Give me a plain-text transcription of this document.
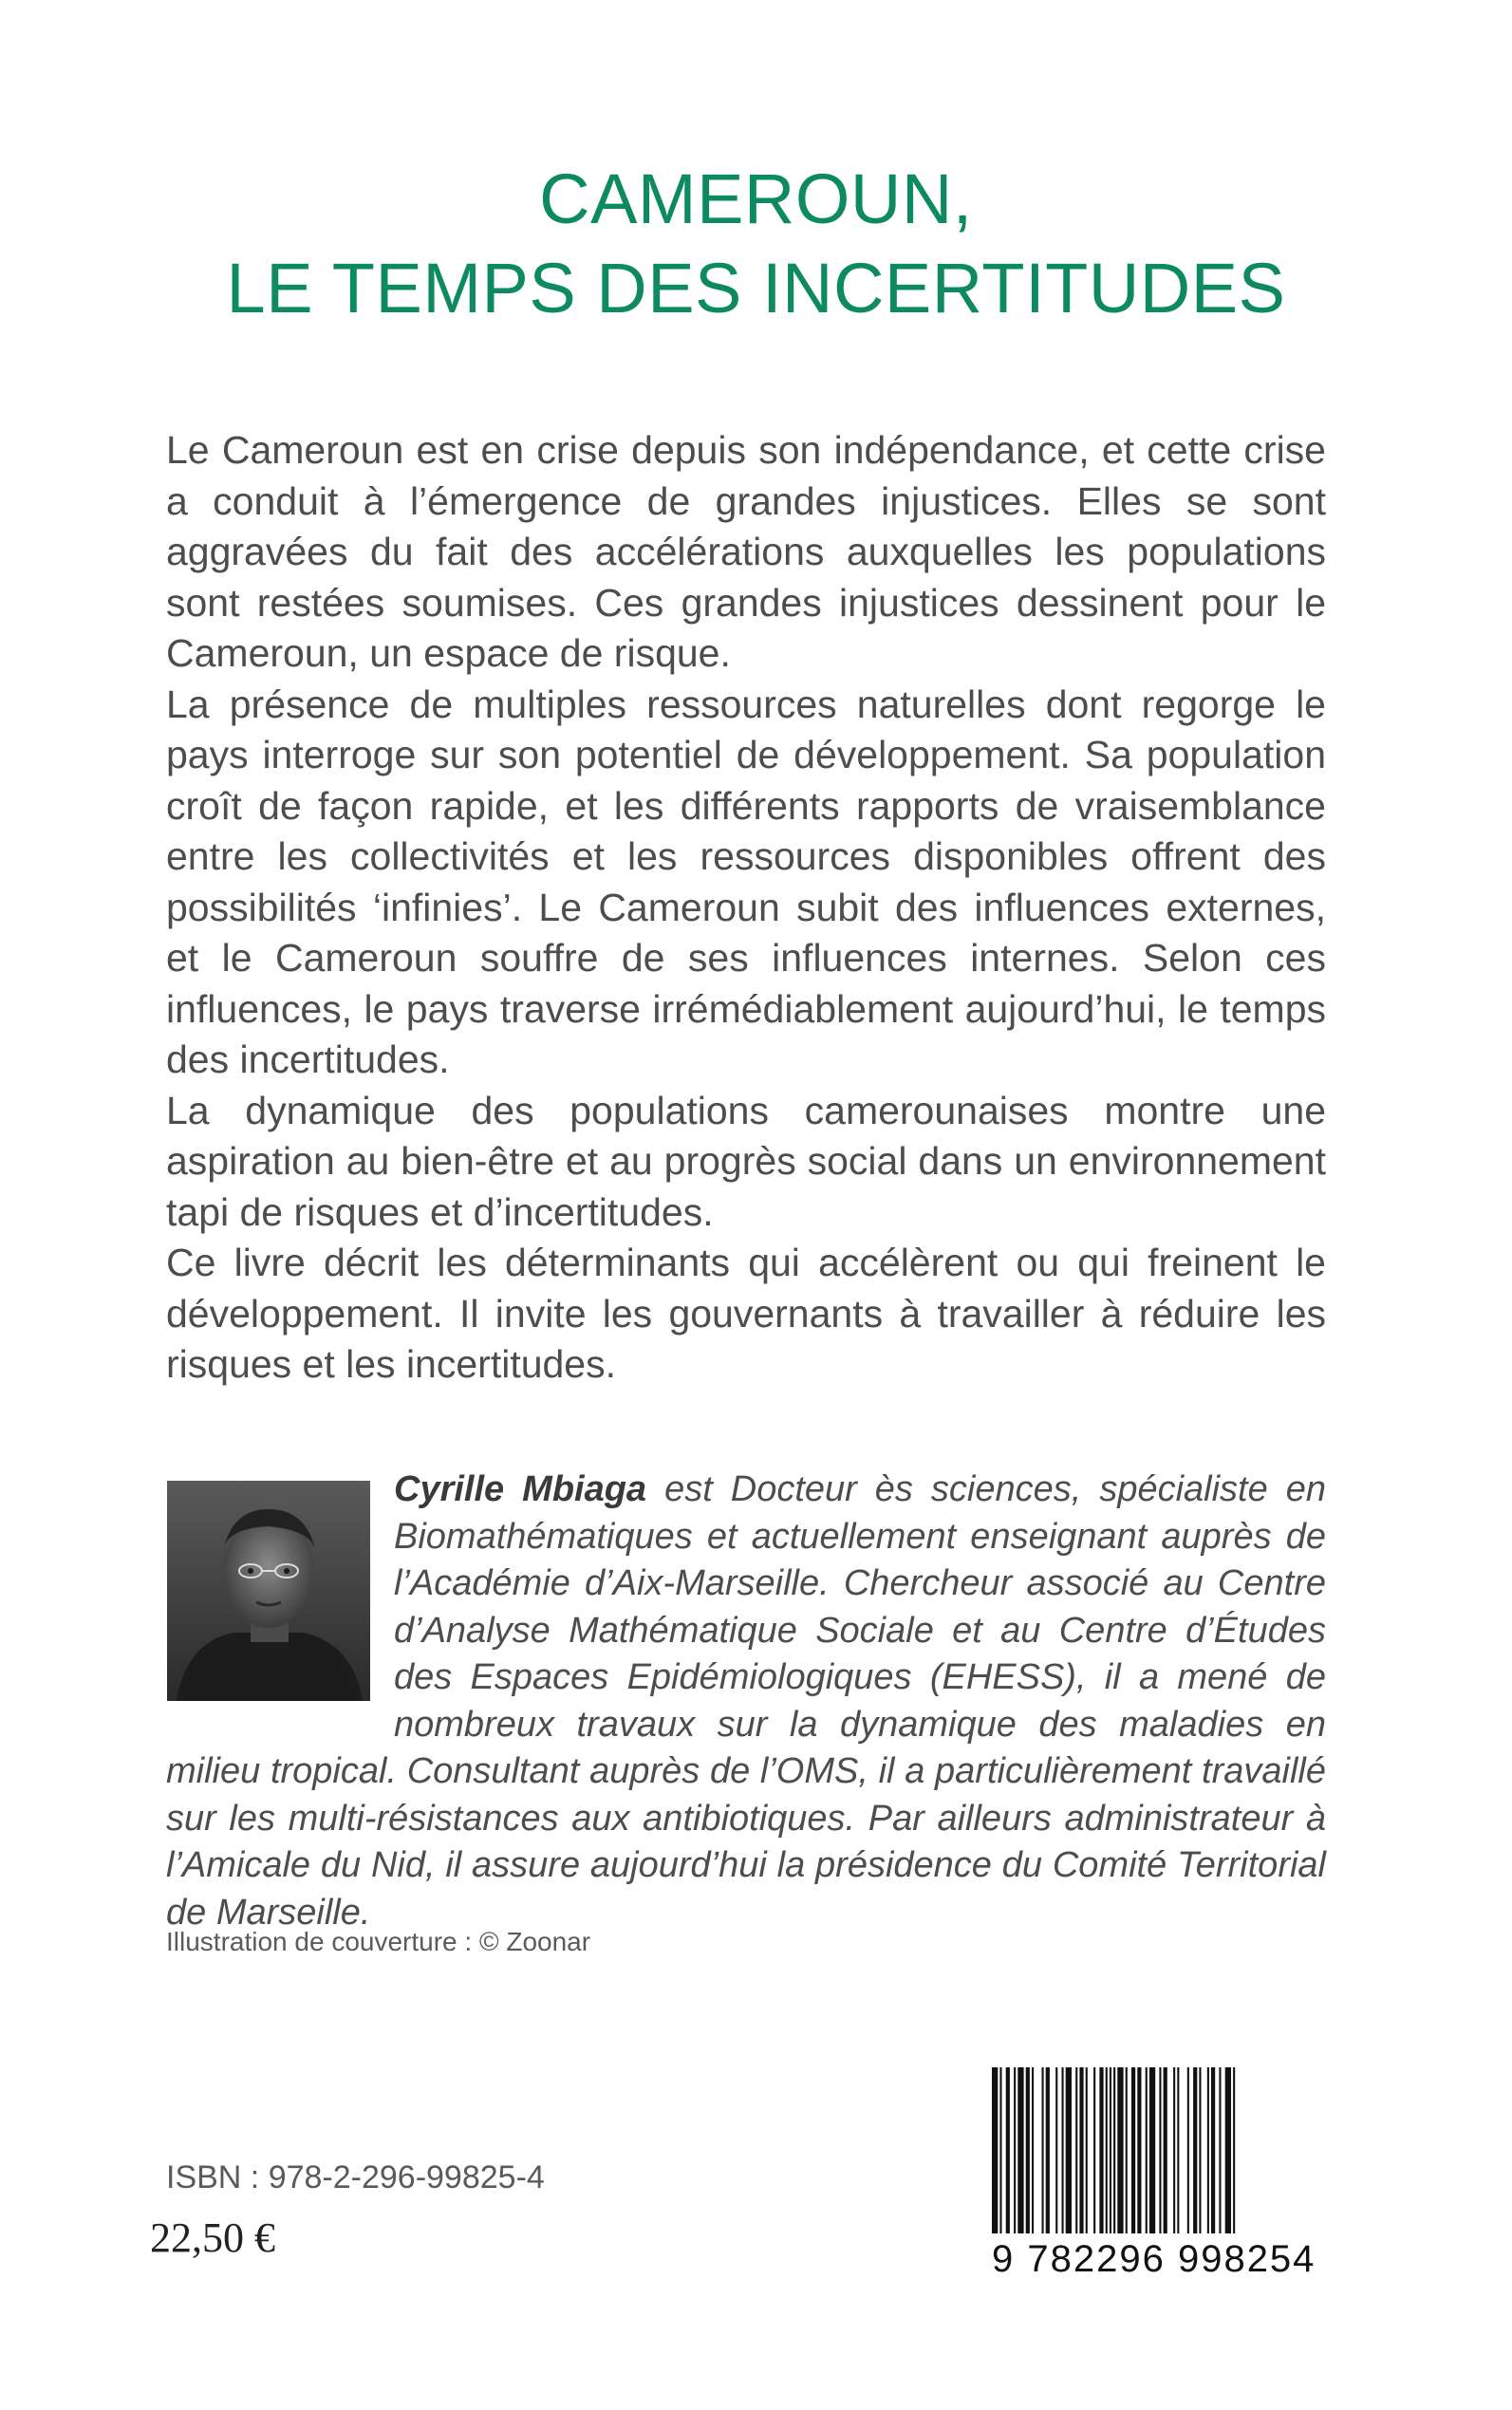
CAMEROUN,
LE TEMPS DES INCERTITUDES

Le Cameroun est en crise depuis son indépendance, et cette crise a conduit à l’émergence de grandes injustices. Elles se sont aggravées du fait des accélérations auxquelles les populations sont restées soumises. Ces grandes injustices dessinent pour le Cameroun, un espace de risque.

La présence de multiples ressources naturelles dont regorge le pays interroge sur son potentiel de développement. Sa population croît de façon rapide, et les différents rapports de vraisemblance entre les collectivités et les ressources disponibles offrent des possibilités ‘infinies’. Le Cameroun subit des influences externes, et le Cameroun souffre de ses influences internes. Selon ces influences, le pays traverse irrémédiablement aujourd’hui, le temps des incertitudes.

La dynamique des populations camerounaises montre une aspiration au bien-être et au progrès social dans un environnement tapi de risques et d’incertitudes.

Ce livre décrit les déterminants qui accélèrent ou qui freinent le développement. Il invite les gouvernants à travailler à réduire les risques et les incertitudes.

Cyrille Mbiaga est Docteur ès sciences, spécialiste en Biomathématiques et actuellement enseignant auprès de l’Académie d’Aix-Marseille. Chercheur associé au Centre d’Analyse Mathématique Sociale et au Centre d’Études des Espaces Epidémiologiques (EHESS), il a mené de nombreux travaux sur la dynamique des maladies en milieu tropical. Consultant auprès de l’OMS, il a particulièrement travaillé sur les multi-résistances aux antibiotiques. Par ailleurs administrateur à l’Amicale du Nid, il assure aujourd’hui la présidence du Comité Territorial de Marseille.

Illustration de couverture : © Zoonar
ISBN : 978-2-296-99825-4
22,50 €	9 782296 998254
